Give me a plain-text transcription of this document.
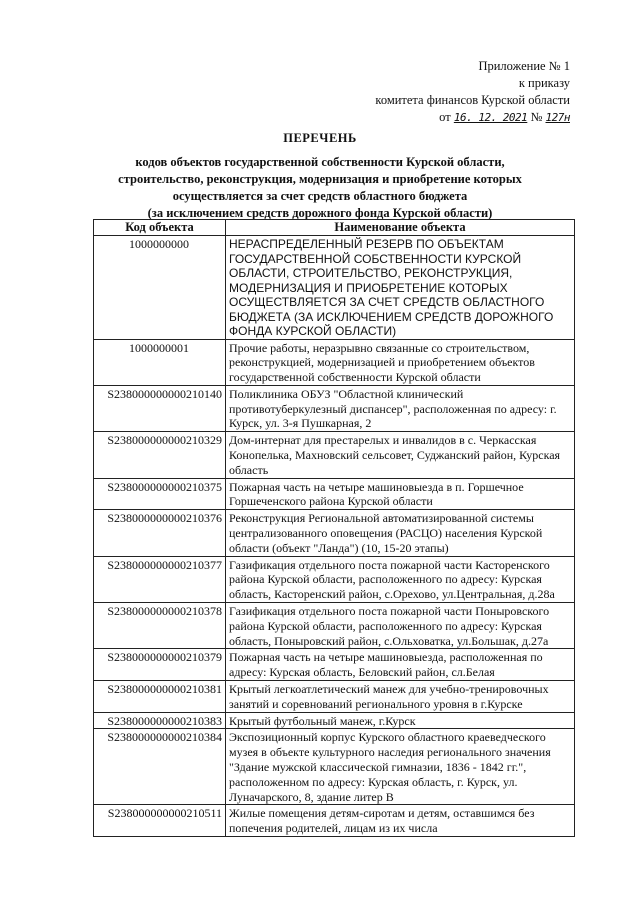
Приложение № 1
к приказу
комитета финансов Курской области
от 16. 12. 2021 № 127н
ПЕРЕЧЕНЬ
кодов объектов государственной собственности Курской области,
строительство, реконструкция, модернизация и приобретение которых
осуществляется за счет средств областного бюджета
(за исключением средств дорожного фонда Курской области)
Код объекта	Наименование объекта
1000000000	НЕРАСПРЕДЕЛЕННЫЙ РЕЗЕРВ ПО ОБЪЕКТАМ ГОСУДАРСТВЕННОЙ СОБСТВЕННОСТИ КУРСКОЙ ОБЛАСТИ, СТРОИТЕЛЬСТВО, РЕКОНСТРУКЦИЯ, МОДЕРНИЗАЦИЯ И ПРИОБРЕТЕНИЕ КОТОРЫХ ОСУЩЕСТВЛЯЕТСЯ ЗА СЧЕТ СРЕДСТВ ОБЛАСТНОГО БЮДЖЕТА (ЗА ИСКЛЮЧЕНИЕМ СРЕДСТВ ДОРОЖНОГО ФОНДА КУРСКОЙ ОБЛАСТИ)
1000000001	Прочие работы, неразрывно связанные со строительством, реконструкцией, модернизацией и приобретением объектов государственной собственности Курской области
S238000000000210140	Поликлиника ОБУЗ "Областной клинический противотуберкулезный диспансер", расположенная по адресу: г. Курск, ул. 3-я Пушкарная, 2
S238000000000210329	Дом-интернат для престарелых и инвалидов в с. Черкасская Конопелька, Махновский сельсовет, Суджанский район, Курская область
S238000000000210375	Пожарная часть на четыре машиновыезда в п. Горшечное Горшеченского района Курской области
S238000000000210376	Реконструкция Региональной автоматизированной системы централизованного оповещения (РАСЦО) населения Курской области (объект "Ланда") (10, 15-20 этапы)
S238000000000210377	Газификация отдельного поста пожарной части Касторенского района Курской области, расположенного по адресу: Курская область, Касторенский район, с.Орехово, ул.Центральная, д.28а
S238000000000210378	Газификация отдельного поста пожарной части Поныровского района Курской области, расположенного по адресу: Курская область, Поныровский район, с.Ольховатка, ул.Большак, д.27а
S238000000000210379	Пожарная часть на четыре машиновыезда, расположенная по адресу: Курская область, Беловский район, сл.Белая
S238000000000210381	Крытый легкоатлетический манеж для учебно-тренировочных занятий и соревнований регионального уровня в г.Курске
S238000000000210383	Крытый футбольный манеж, г.Курск
S238000000000210384	Экспозиционный корпус Курского областного краеведческого музея в объекте культурного наследия регионального значения "Здание мужской классической гимназии, 1836 - 1842 гг.", расположенном по адресу: Курская область, г. Курск, ул. Луначарского, 8, здание литер В
S238000000000210511	Жилые помещения детям-сиротам и детям, оставшимся без попечения родителей, лицам из их числа
